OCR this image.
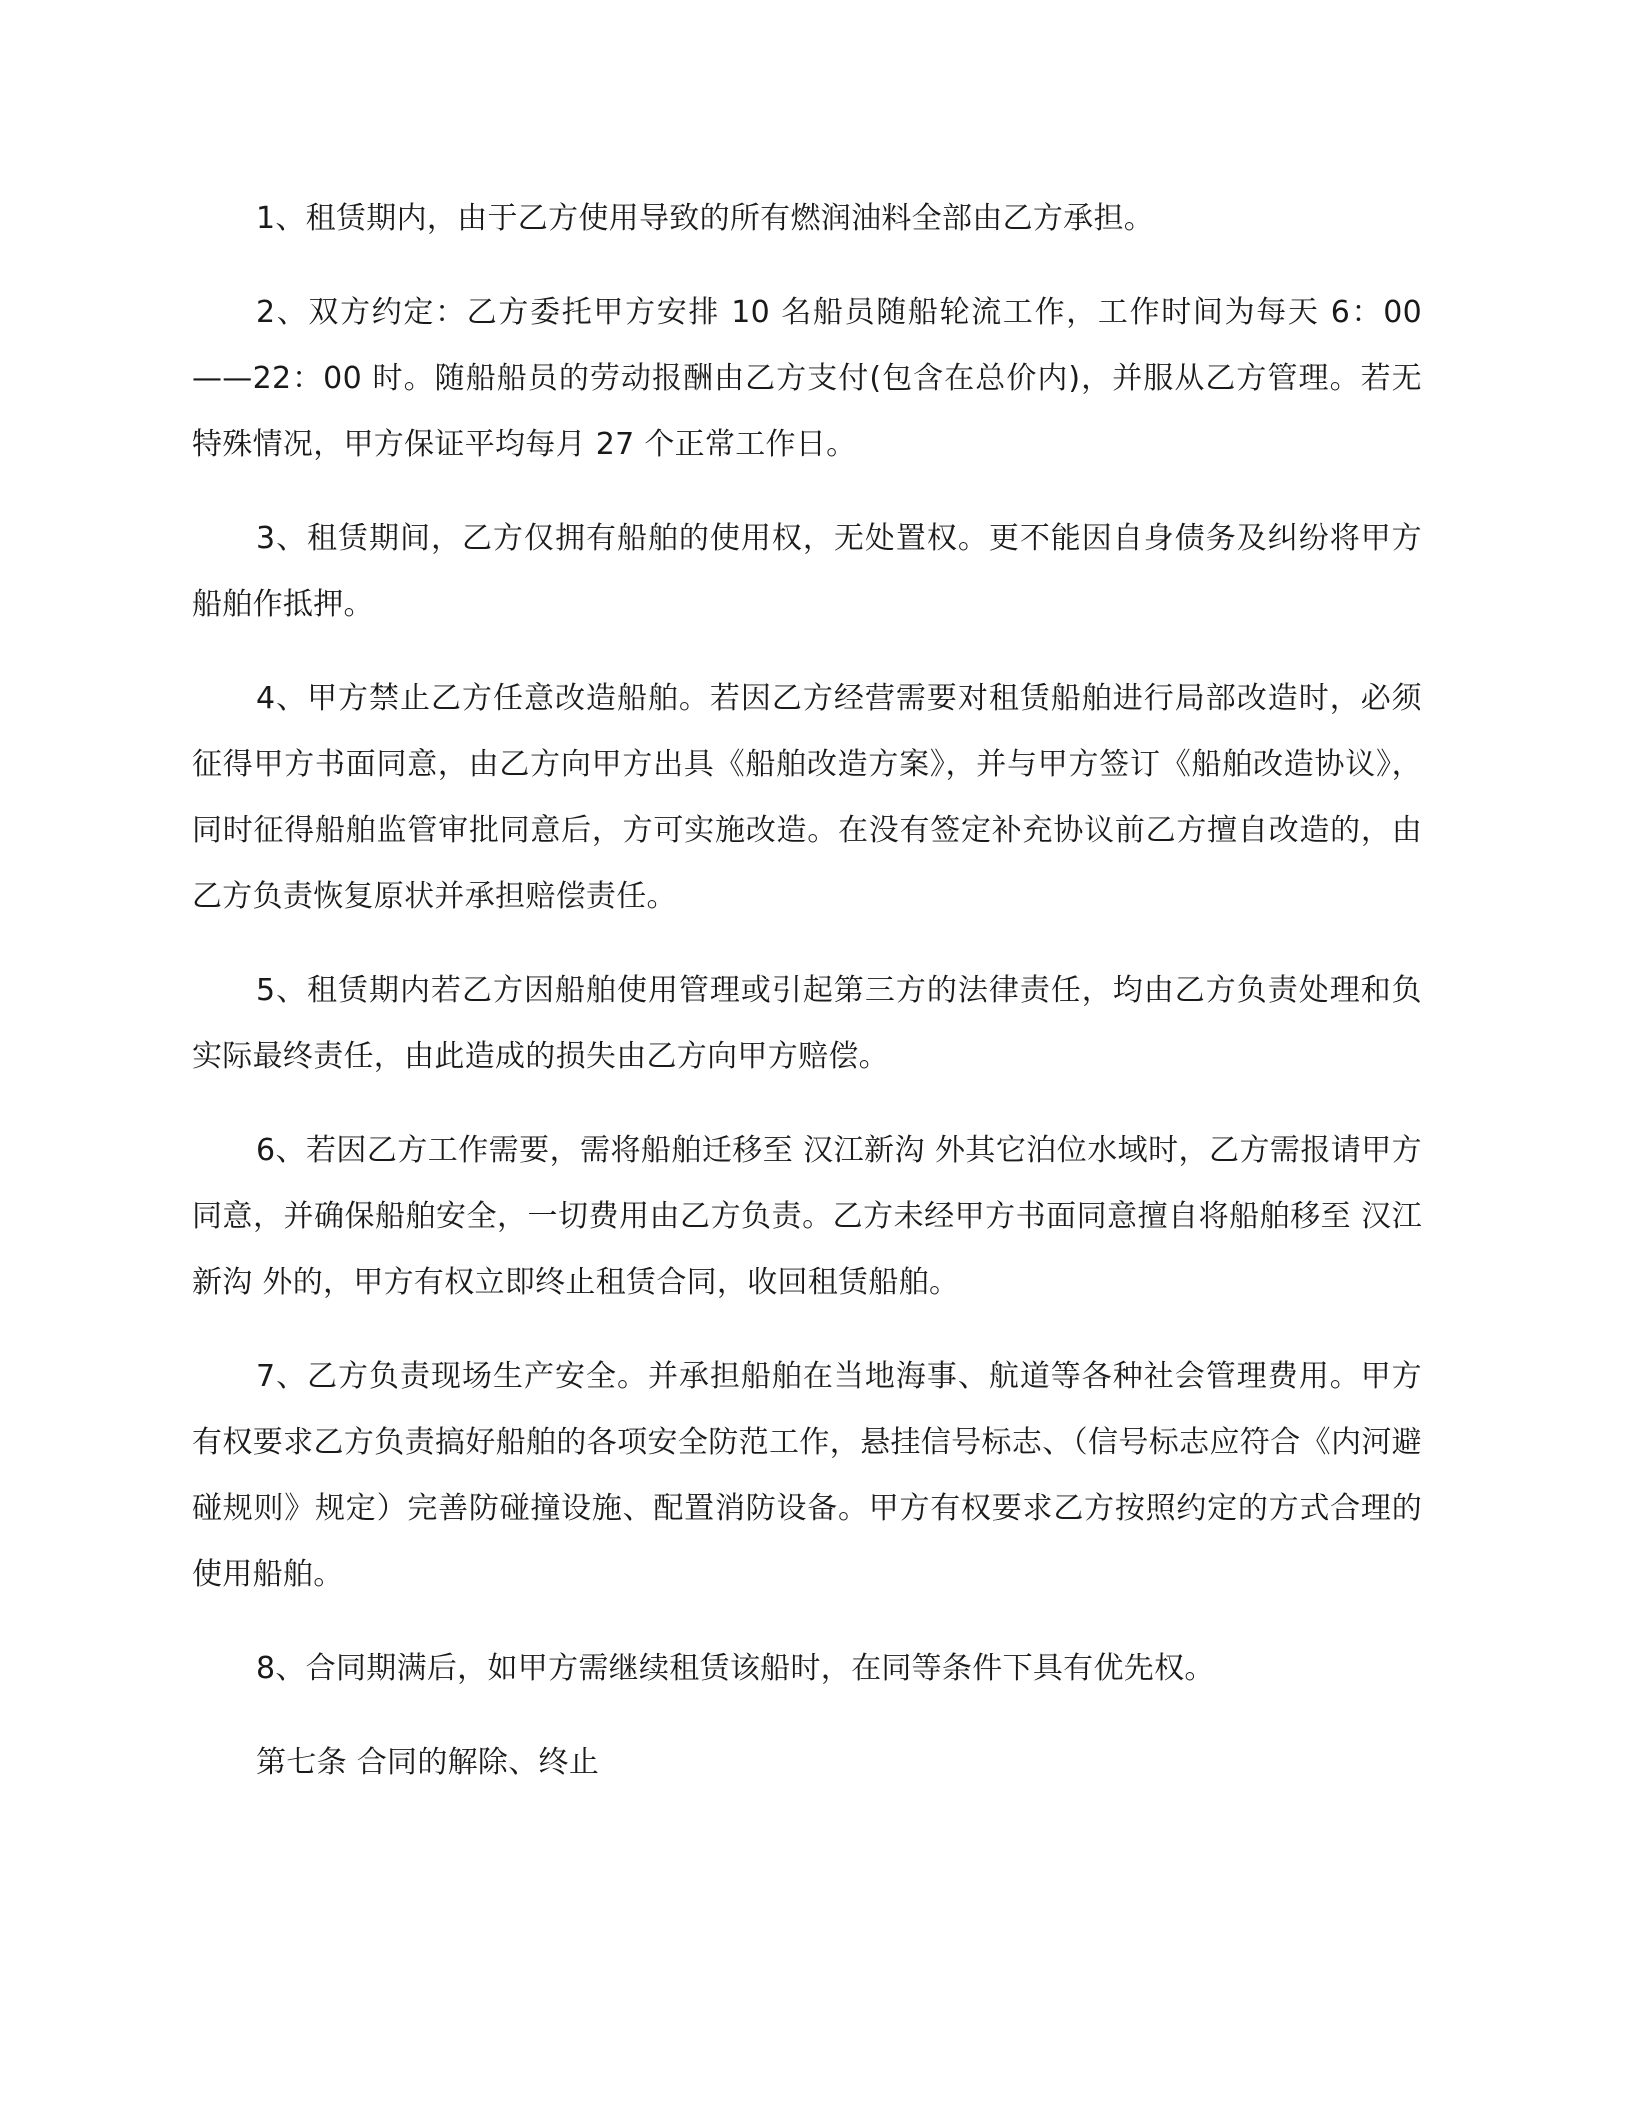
1、租赁期内，由于乙方使用导致的所有燃润油料全部由乙方承担。

2、双方约定：乙方委托甲方安排 10 名船员随船轮流工作，工作时间为每天 6：00——22：00 时。随船船员的劳动报酬由乙方支付(包含在总价内)，并服从乙方管理。若无特殊情况，甲方保证平均每月 27 个正常工作日。

3、租赁期间，乙方仅拥有船舶的使用权，无处置权。更不能因自身债务及纠纷将甲方船舶作抵押。

4、甲方禁止乙方任意改造船舶。若因乙方经营需要对租赁船舶进行局部改造时，必须征得甲方书面同意，由乙方向甲方出具《船舶改造方案》，并与甲方签订《船舶改造协议》，同时征得船舶监管审批同意后，方可实施改造。在没有签定补充协议前乙方擅自改造的，由乙方负责恢复原状并承担赔偿责任。

5、租赁期内若乙方因船舶使用管理或引起第三方的法律责任，均由乙方负责处理和负实际最终责任，由此造成的损失由乙方向甲方赔偿。

6、若因乙方工作需要，需将船舶迁移至 汉江新沟 外其它泊位水域时，乙方需报请甲方同意，并确保船舶安全，一切费用由乙方负责。乙方未经甲方书面同意擅自将船舶移至 汉江新沟 外的，甲方有权立即终止租赁合同，收回租赁船舶。

7、乙方负责现场生产安全。并承担船舶在当地海事、航道等各种社会管理费用。甲方有权要求乙方负责搞好船舶的各项安全防范工作，悬挂信号标志、（信号标志应符合《内河避碰规则》规定）完善防碰撞设施、配置消防设备。甲方有权要求乙方按照约定的方式合理的使用船舶。

8、合同期满后，如甲方需继续租赁该船时，在同等条件下具有优先权。

第七条 合同的解除、终止
